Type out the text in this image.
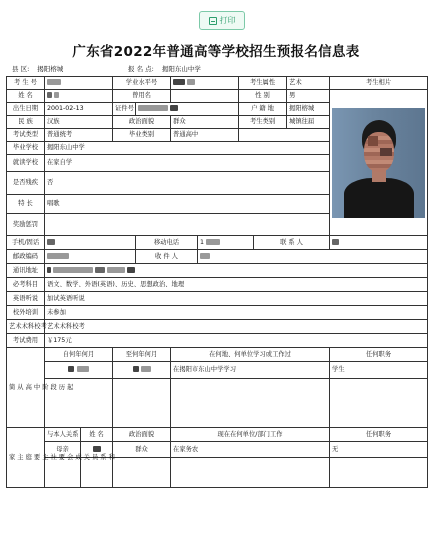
打印
广东省2022年普通高等学校招生预报名信息表
县 区: 揭阳榕城	报 名 点: 揭阳东山中学
考 生 号			学业水平号				考生属性		艺术	考生相片
姓 名			曾用名				性 别		男	

出生日期	2001-02-13		证件号				户 籍 地		揭阳榕城	
民 族	汉族		政治面貌		群众		考生类别		城镇往届	
考试类型	普通统考		毕业类别		普通高中					
毕业学校	揭阳东山中学									
就读学校	在家自学									
是否残疾	否									
特 长	唱歌									
奖励惩罚										
手机/固话				移动电话		1		联 系 人		
邮政编码				收 件 人						
通讯地址										
必考科目	语文、数学、外语(英语)、历史、思想政治、地理									
英语听说	加试英语听说									
校外培训	未参加									
艺术术科校考	艺术术科校考									
考试费用	￥175元									
简 从 高 中 阶 段 历 起	自何年何月		至何年何月		在何地、何单位学习或工作过					任何职务
					在揭阳市东山中学学习					学生

家 主 庭 要 主 社 要 会 成 关 员 系 和	与本人关系	姓 名	政治面貌		现在在何单位/部门工作					任何职务
	母亲		群众		在家务农					无
